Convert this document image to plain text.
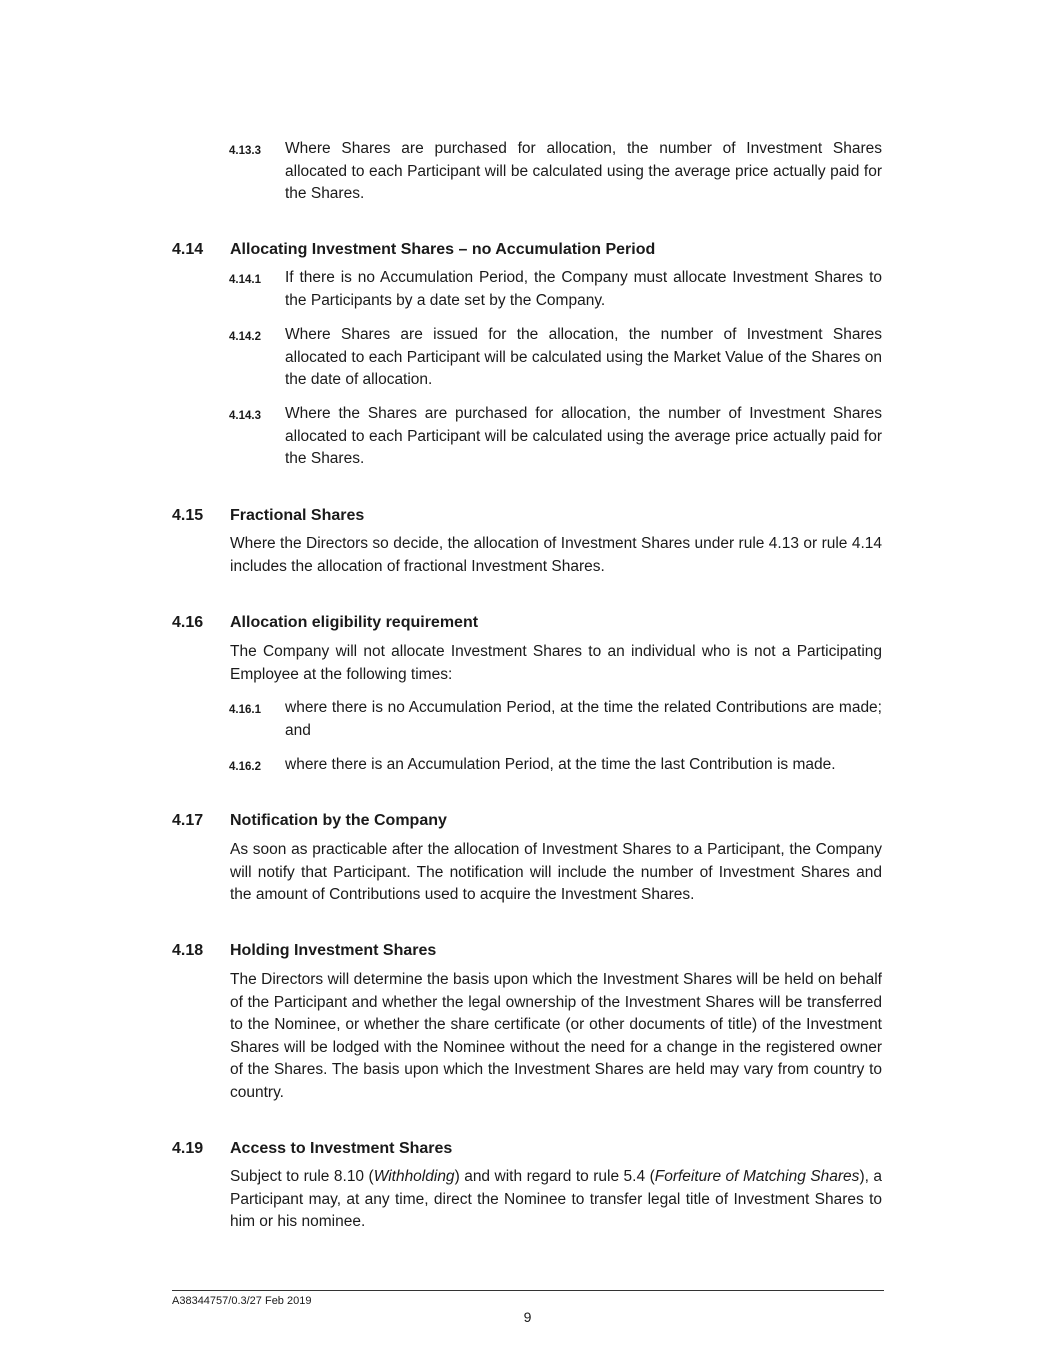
4.13.3 Where Shares are purchased for allocation, the number of Investment Shares allocated to each Participant will be calculated using the average price actually paid for the Shares.
4.14 Allocating Investment Shares – no Accumulation Period
4.14.1 If there is no Accumulation Period, the Company must allocate Investment Shares to the Participants by a date set by the Company.
4.14.2 Where Shares are issued for the allocation, the number of Investment Shares allocated to each Participant will be calculated using the Market Value of the Shares on the date of allocation.
4.14.3 Where the Shares are purchased for allocation, the number of Investment Shares allocated to each Participant will be calculated using the average price actually paid for the Shares.
4.15 Fractional Shares

Where the Directors so decide, the allocation of Investment Shares under rule 4.13 or rule 4.14 includes the allocation of fractional Investment Shares.

4.16 Allocation eligibility requirement

The Company will not allocate Investment Shares to an individual who is not a Participating Employee at the following times:

4.16.1 where there is no Accumulation Period, at the time the related Contributions are made; and
4.16.2 where there is an Accumulation Period, at the time the last Contribution is made.
4.17 Notification by the Company

As soon as practicable after the allocation of Investment Shares to a Participant, the Company will notify that Participant. The notification will include the number of Investment Shares and the amount of Contributions used to acquire the Investment Shares.

4.18 Holding Investment Shares

The Directors will determine the basis upon which the Investment Shares will be held on behalf of the Participant and whether the legal ownership of the Investment Shares will be transferred to the Nominee, or whether the share certificate (or other documents of title) of the Investment Shares will be lodged with the Nominee without the need for a change in the registered owner of the Shares. The basis upon which the Investment Shares are held may vary from country to country.

4.19 Access to Investment Shares

Subject to rule 8.10 (Withholding) and with regard to rule 5.4 (Forfeiture of Matching Shares), a Participant may, at any time, direct the Nominee to transfer legal title of Investment Shares to him or his nominee.

A38344757/0.3/27 Feb 2019
9
